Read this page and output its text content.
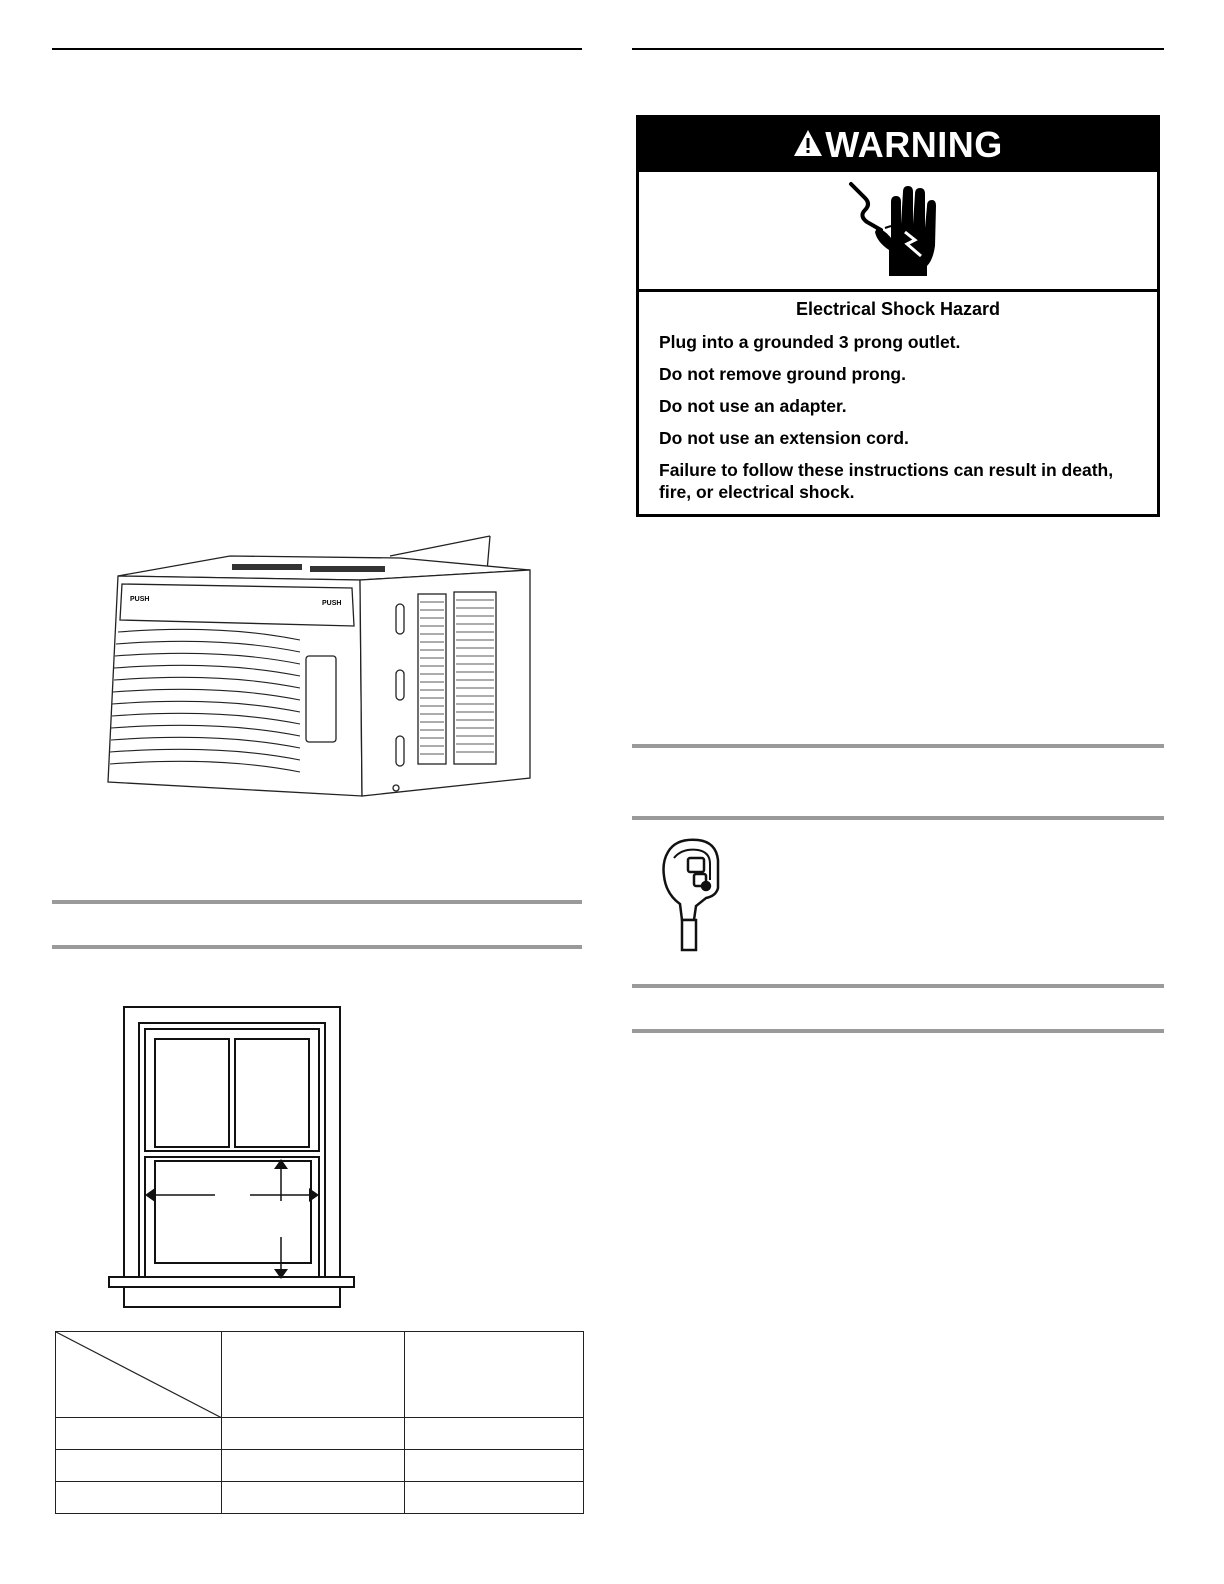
PUSH
PUSH

WARNING
Electrical Shock Hazard
Plug into a grounded 3 prong outlet.
Do not remove ground prong.
Do not use an adapter.
Do not use an extension cord.
Failure to follow these instructions can result in death, fire, or electrical shock.
